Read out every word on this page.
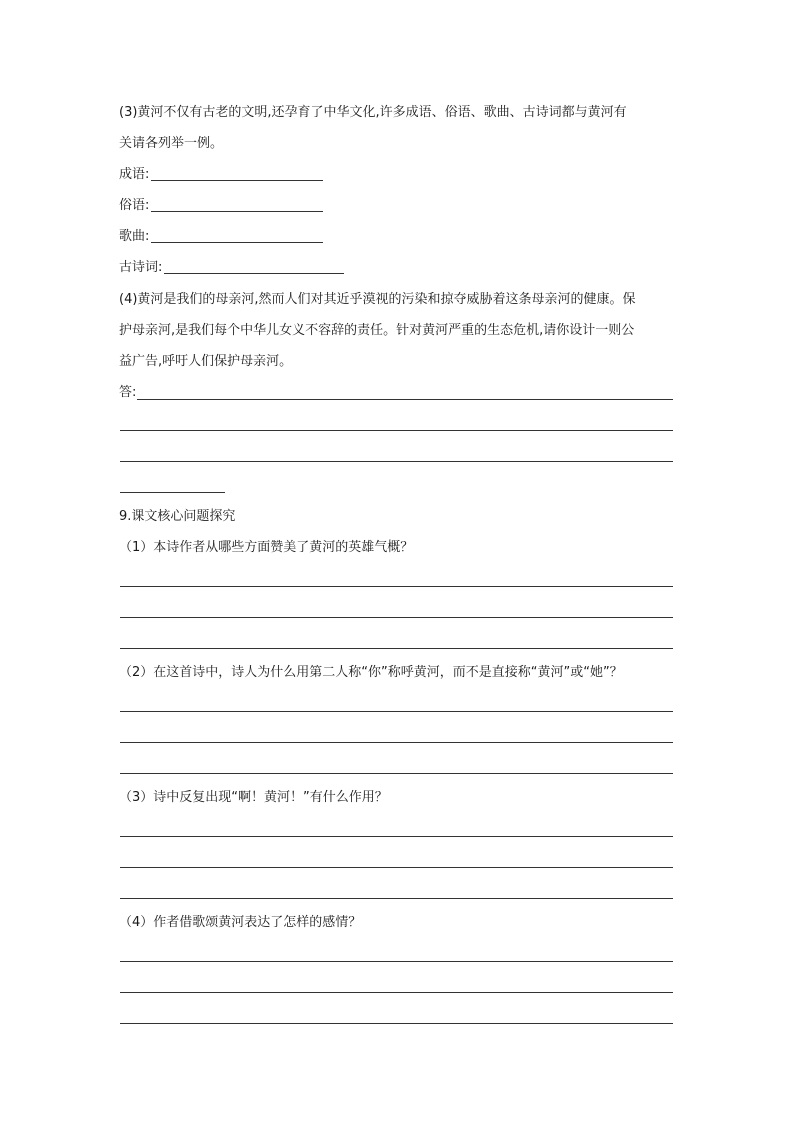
(3)黄河不仅有古老的文明,还孕育了中华文化,许多成语、俗语、歌曲、古诗词都与黄河有
关请各列举一例。
成语:
俗语:
歌曲:
古诗词:
(4)黄河是我们的母亲河,然而人们对其近乎漠视的污染和掠夺威胁着这条母亲河的健康。保
护母亲河,是我们每个中华儿女义不容辞的责任。针对黄河严重的生态危机,请你设计一则公
益广告,呼吁人们保护母亲河。
答:
9.课文核心问题探究
（1）本诗作者从哪些方面赞美了黄河的英雄气概？
（2）在这首诗中，诗人为什么用第二人称“你”称呼黄河，而不是直接称“黄河”或“她”？
（3）诗中反复出现“啊！黄河！”有什么作用？
（4）作者借歌颂黄河表达了怎样的感情？
